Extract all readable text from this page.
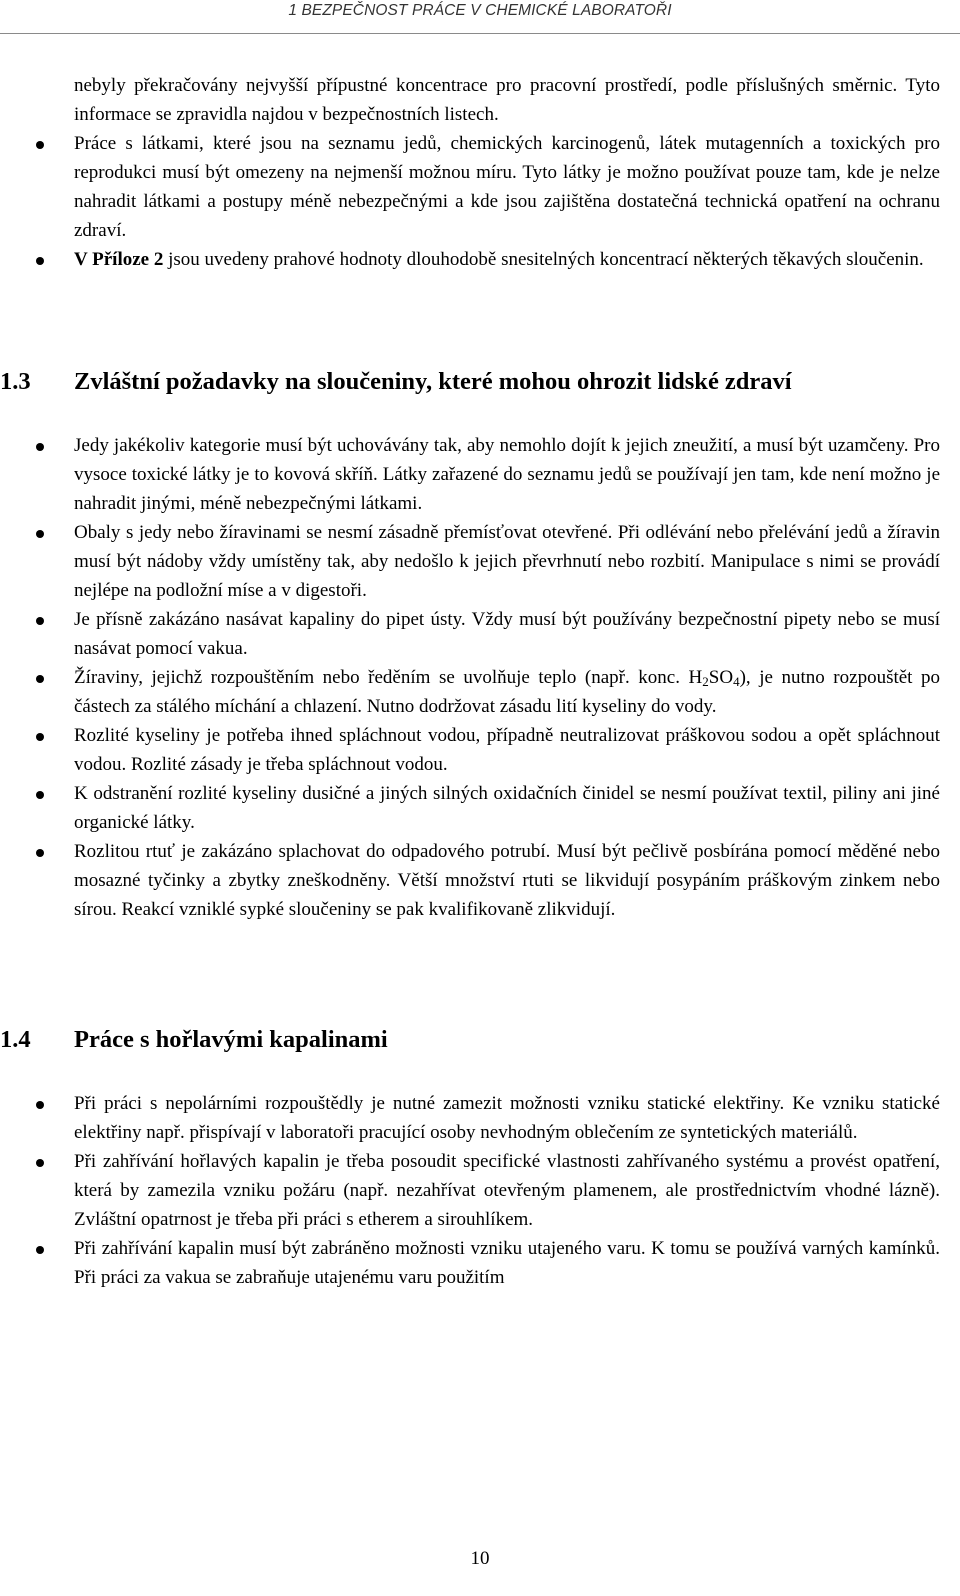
1 BEZPEČNOST PRÁCE V CHEMICKÉ LABORATOŘI

nebyly překračovány nejvyšší přípustné koncentrace pro pracovní prostředí, podle příslušných směrnic. Tyto informace se zpravidla najdou v bezpečnostních listech.

Práce s látkami, které jsou na seznamu jedů, chemických karcinogenů, látek mutagenních a toxických pro reprodukci musí být omezeny na nejmenší možnou míru. Tyto látky je možno používat pouze tam, kde je nelze nahradit látkami a postupy méně nebezpečnými a kde jsou zajištěna dostatečná technická opatření na ochranu zdraví.
V Příloze 2 jsou uvedeny prahové hodnoty dlouhodobě snesitelných koncentrací některých těkavých sloučenin.
1.3 Zvláštní požadavky na sloučeniny, které mohou ohrozit lidské zdraví
Jedy jakékoliv kategorie musí být uchovávány tak, aby nemohlo dojít k jejich zneužití, a musí být uzamčeny. Pro vysoce toxické látky je to kovová skříň. Látky zařazené do seznamu jedů se používají jen tam, kde není možno je nahradit jinými, méně nebezpečnými látkami.
Obaly s jedy nebo žíravinami se nesmí zásadně přemísťovat otevřené. Při odlévání nebo přelévání jedů a žíravin musí být nádoby vždy umístěny tak, aby nedošlo k jejich převrhnutí nebo rozbití. Manipulace s nimi se provádí nejlépe na podložní míse a v digestoři.
Je přísně zakázáno nasávat kapaliny do pipet ústy. Vždy musí být používány bezpečnostní pipety nebo se musí nasávat pomocí vakua.
Žíraviny, jejichž rozpouštěním nebo ředěním se uvolňuje teplo (např. konc. $H_2SO_4$), je nutno rozpouštět po částech za stálého míchání a chlazení. Nutno dodržovat zásadu lití kyseliny do vody.
Rozlité kyseliny je potřeba ihned spláchnout vodou, případně neutralizovat práškovou sodou a opět spláchnout vodou. Rozlité zásady je třeba spláchnout vodou.
K odstranění rozlité kyseliny dusičné a jiných silných oxidačních činidel se nesmí používat textil, piliny ani jiné organické látky.
Rozlitou rtuť je zakázáno splachovat do odpadového potrubí. Musí být pečlivě posbírána pomocí měděné nebo mosazné tyčinky a zbytky zneškodněny. Větší množství rtuti se likvidují posypáním práškovým zinkem nebo sírou. Reakcí vzniklé sypké sloučeniny se pak kvalifikovaně zlikvidují.
1.4 Práce s hořlavými kapalinami
Při práci s nepolárními rozpouštědly je nutné zamezit možnosti vzniku statické elektřiny. Ke vzniku statické elektřiny např. přispívají v laboratoři pracující osoby nevhodným oblečením ze syntetických materiálů.
Při zahřívání hořlavých kapalin je třeba posoudit specifické vlastnosti zahřívaného systému a provést opatření, která by zamezila vzniku požáru (např. nezahřívat otevřeným plamenem, ale prostřednictvím vhodné lázně). Zvláštní opatrnost je třeba při práci s etherem a sirouhlíkem.
Při zahřívání kapalin musí být zabráněno možnosti vzniku utajeného varu. K tomu se používá varných kamínků. Při práci za vakua se zabraňuje utajenému varu použitím
10
